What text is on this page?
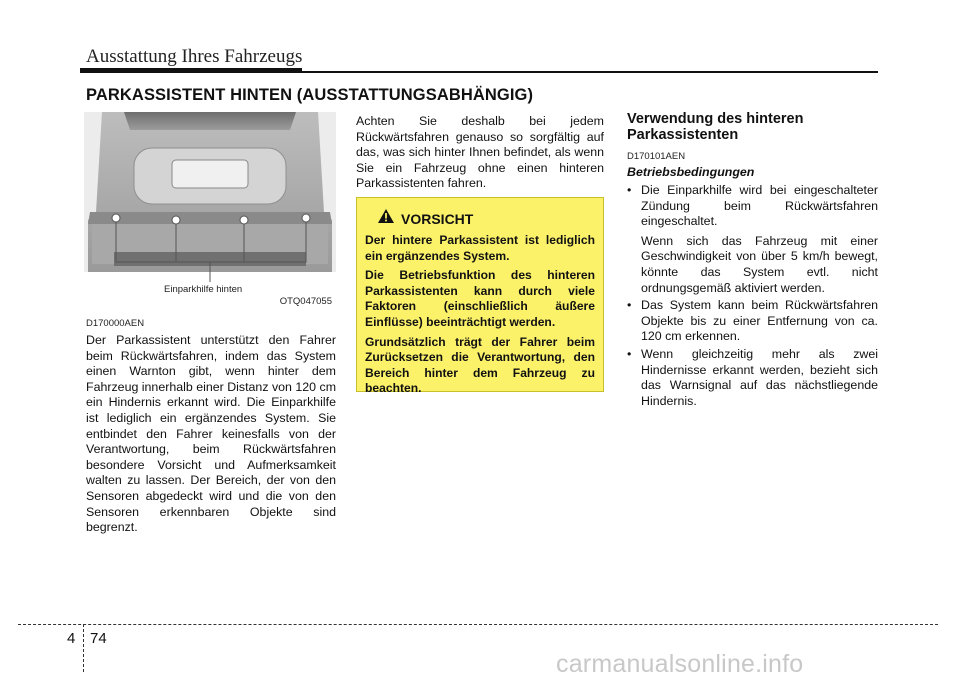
Ausstattung Ihres Fahrzeugs
PARKASSISTENT HINTEN (AUSSTATTUNGSABHÄNGIG)
Einparkhilfe hinten
OTQ047055
D170000AEN
Der Parkassistent unterstützt den Fahrer beim Rückwärtsfahren, indem das System einen Warnton gibt, wenn hinter dem Fahrzeug innerhalb einer Distanz von 120 cm ein Hindernis erkannt wird. Die Einparkhilfe ist lediglich ein ergänzendes System. Sie entbindet den Fahrer keinesfalls von der Verantwortung, beim Rückwärtsfahren besondere Vorsicht und Aufmerksamkeit walten zu lassen. Der Bereich, der von den Sensoren abgedeckt wird und die von den Sensoren erkennbaren Objekte sind begrenzt.
Achten Sie deshalb bei jedem Rückwärtsfahren genauso so sorgfältig auf das, was sich hinter Ihnen befindet, als wenn Sie ein Fahrzeug ohne einen hinteren Parkassistenten fahren.
VORSICHT

Der hintere Parkassistent ist lediglich ein ergänzendes System.

Die Betriebsfunktion des hinteren Parkassistenten kann durch viele Faktoren (einschließlich äußere Einflüsse) beeinträchtigt werden.

Grundsätzlich trägt der Fahrer beim Zurücksetzen die Verantwortung, den Bereich hinter dem Fahrzeug zu beachten.

Verwendung des hinteren Parkassistenten
D170101AEN
Betriebsbedingungen
• Die Einparkhilfe wird bei eingeschalteter Zündung beim Rückwärtsfahren eingeschaltet.
Wenn sich das Fahrzeug mit einer Geschwindigkeit von über 5 km/h bewegt, könnte das System evtl. nicht ordnungsgemäß aktiviert werden.
• Das System kann beim Rückwärtsfahren Objekte bis zu einer Entfernung von ca. 120 cm erkennen.
• Wenn gleichzeitig mehr als zwei Hindernisse erkannt werden, bezieht sich das Warnsignal auf das nächstliegende Hindernis.
4 74
carmanualsonline.info
